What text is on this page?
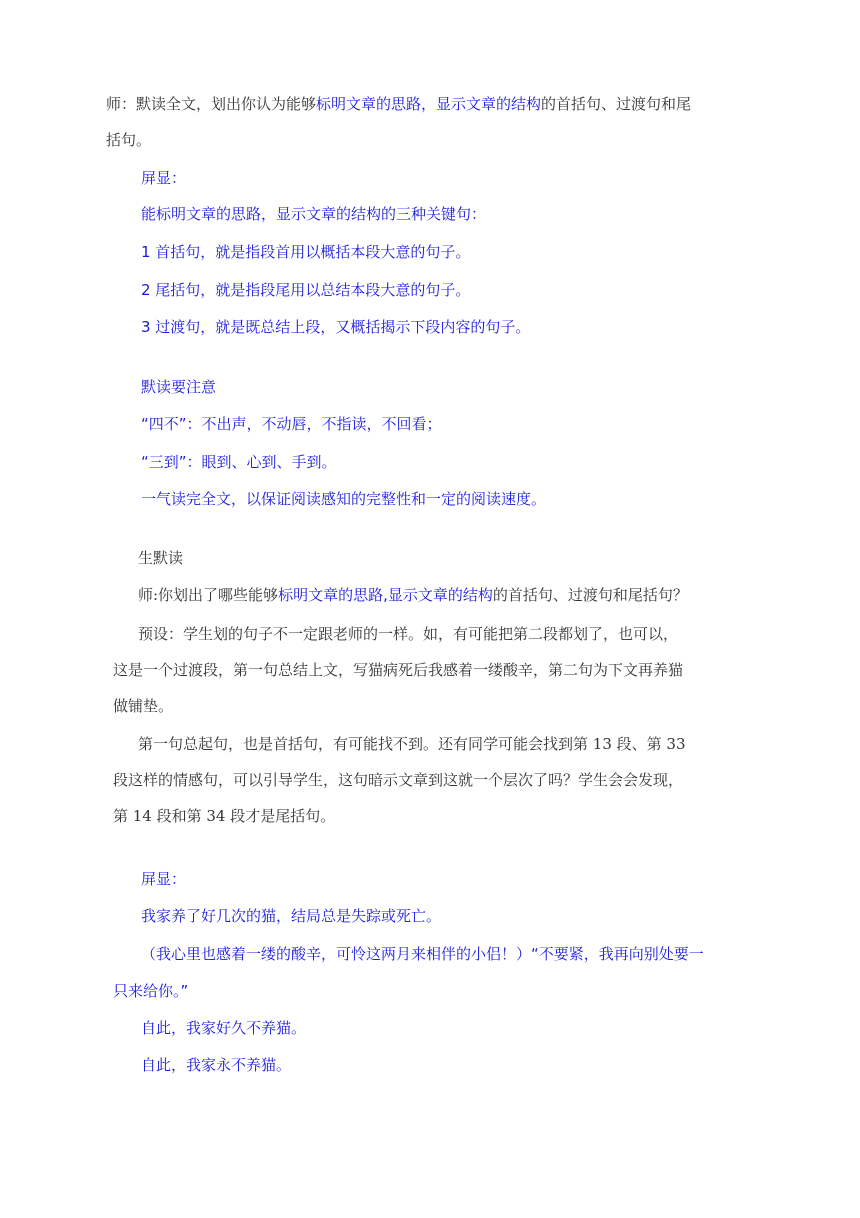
师：默读全文，划出你认为能够标明文章的思路，显示文章的结构的首括句、过渡句和尾
括句。
屏显：
能标明文章的思路，显示文章的结构的三种关键句：
1 首括句，就是指段首用以概括本段大意的句子。
2 尾括句，就是指段尾用以总结本段大意的句子。
3 过渡句，就是既总结上段，又概括揭示下段内容的句子。
默读要注意
“四不”：不出声，不动唇，不指读，不回看；
“三到”：眼到、心到、手到。
一气读完全文，以保证阅读感知的完整性和一定的阅读速度。
生默读
师:你划出了哪些能够标明文章的思路,显示文章的结构的首括句、过渡句和尾括句？
预设：学生划的句子不一定跟老师的一样。如，有可能把第二段都划了，也可以，
这是一个过渡段，第一句总结上文，写猫病死后我感着一缕酸辛，第二句为下文再养猫
做铺垫。
第一句总起句，也是首括句，有可能找不到。还有同学可能会找到第 13 段、第 33
段这样的情感句，可以引导学生，这句暗示文章到这就一个层次了吗？学生会会发现，
第 14 段和第 34 段才是尾括句。
屏显：
我家养了好几次的猫，结局总是失踪或死亡。
（我心里也感着一缕的酸辛，可怜这两月来相伴的小侣！）“不要紧，我再向别处要一
只来给你。”
自此，我家好久不养猫。
自此，我家永不养猫。
